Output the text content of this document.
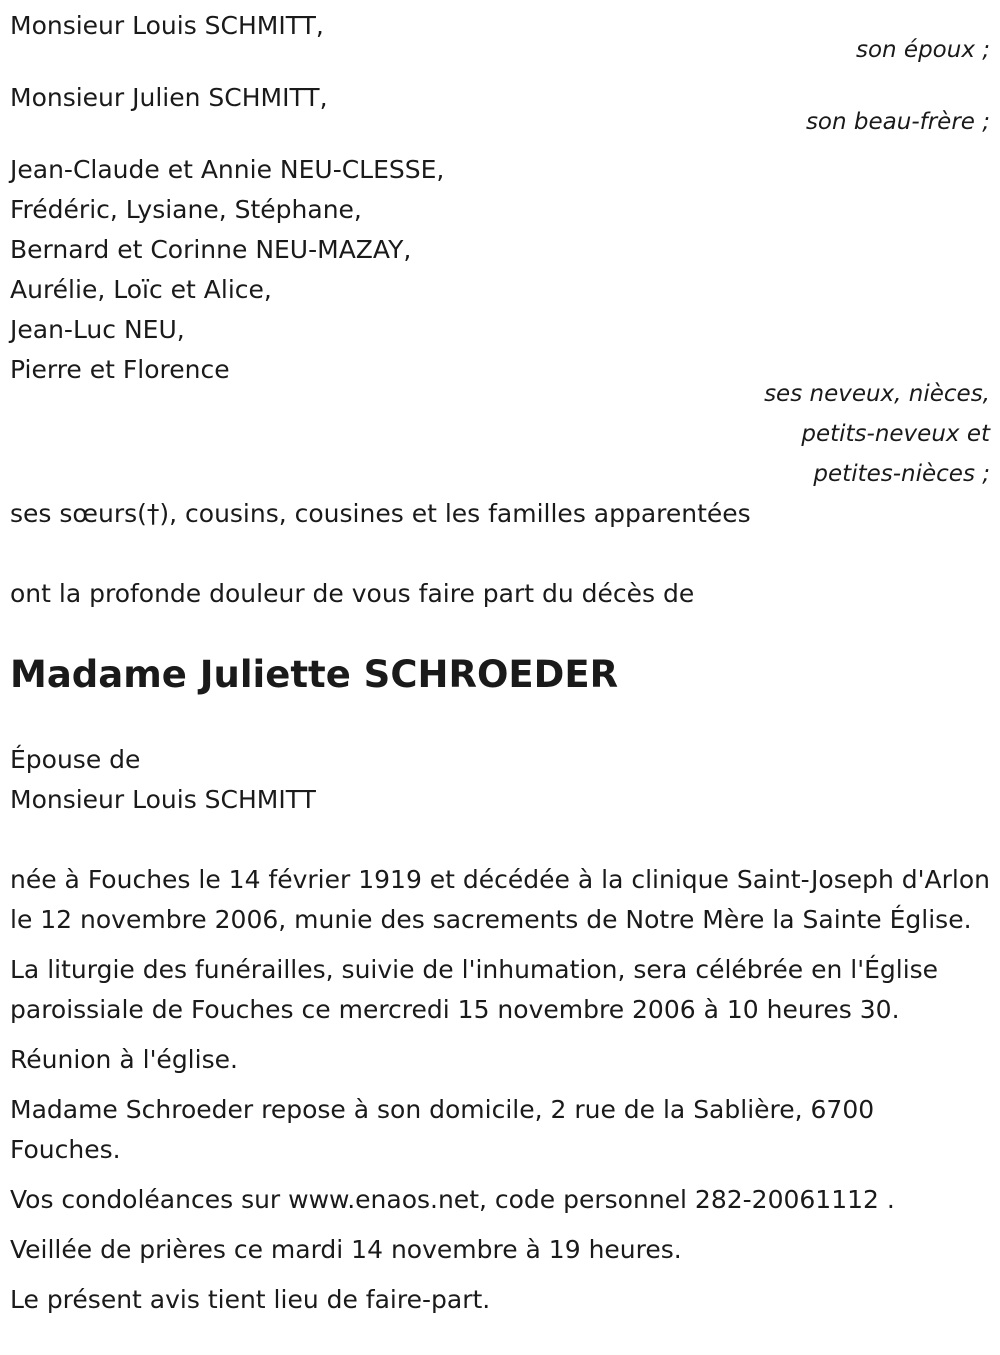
Monsieur Louis SCHMITT,

son époux ;

Monsieur Julien SCHMITT,

son beau-frère ;

Jean-Claude et Annie NEU-CLESSE,

Frédéric, Lysiane, Stéphane,

Bernard et Corinne NEU-MAZAY,

Aurélie, Loïc et Alice,

Jean-Luc NEU,

Pierre et Florence

ses neveux, nièces,

petits-neveux et

petites-nièces ;

ses sœurs(†), cousins, cousines et les familles apparentées

ont la profonde douleur de vous faire part du décès de

Madame Juliette SCHROEDER

Épouse de

Monsieur Louis SCHMITT

née à Fouches le 14 février 1919 et décédée à la clinique Saint-Joseph d'Arlon le 12 novembre 2006, munie des sacrements de Notre Mère la Sainte Église.

La liturgie des funérailles, suivie de l'inhumation, sera célébrée en l'Église paroissiale de Fouches ce mercredi 15 novembre 2006 à 10 heures 30.

Réunion à l'église.

Madame Schroeder repose à son domicile, 2 rue de la Sablière, 6700 Fouches.

Vos condoléances sur www.enaos.net, code personnel 282-20061112 .

Veillée de prières ce mardi 14 novembre à 19 heures.

Le présent avis tient lieu de faire-part.
